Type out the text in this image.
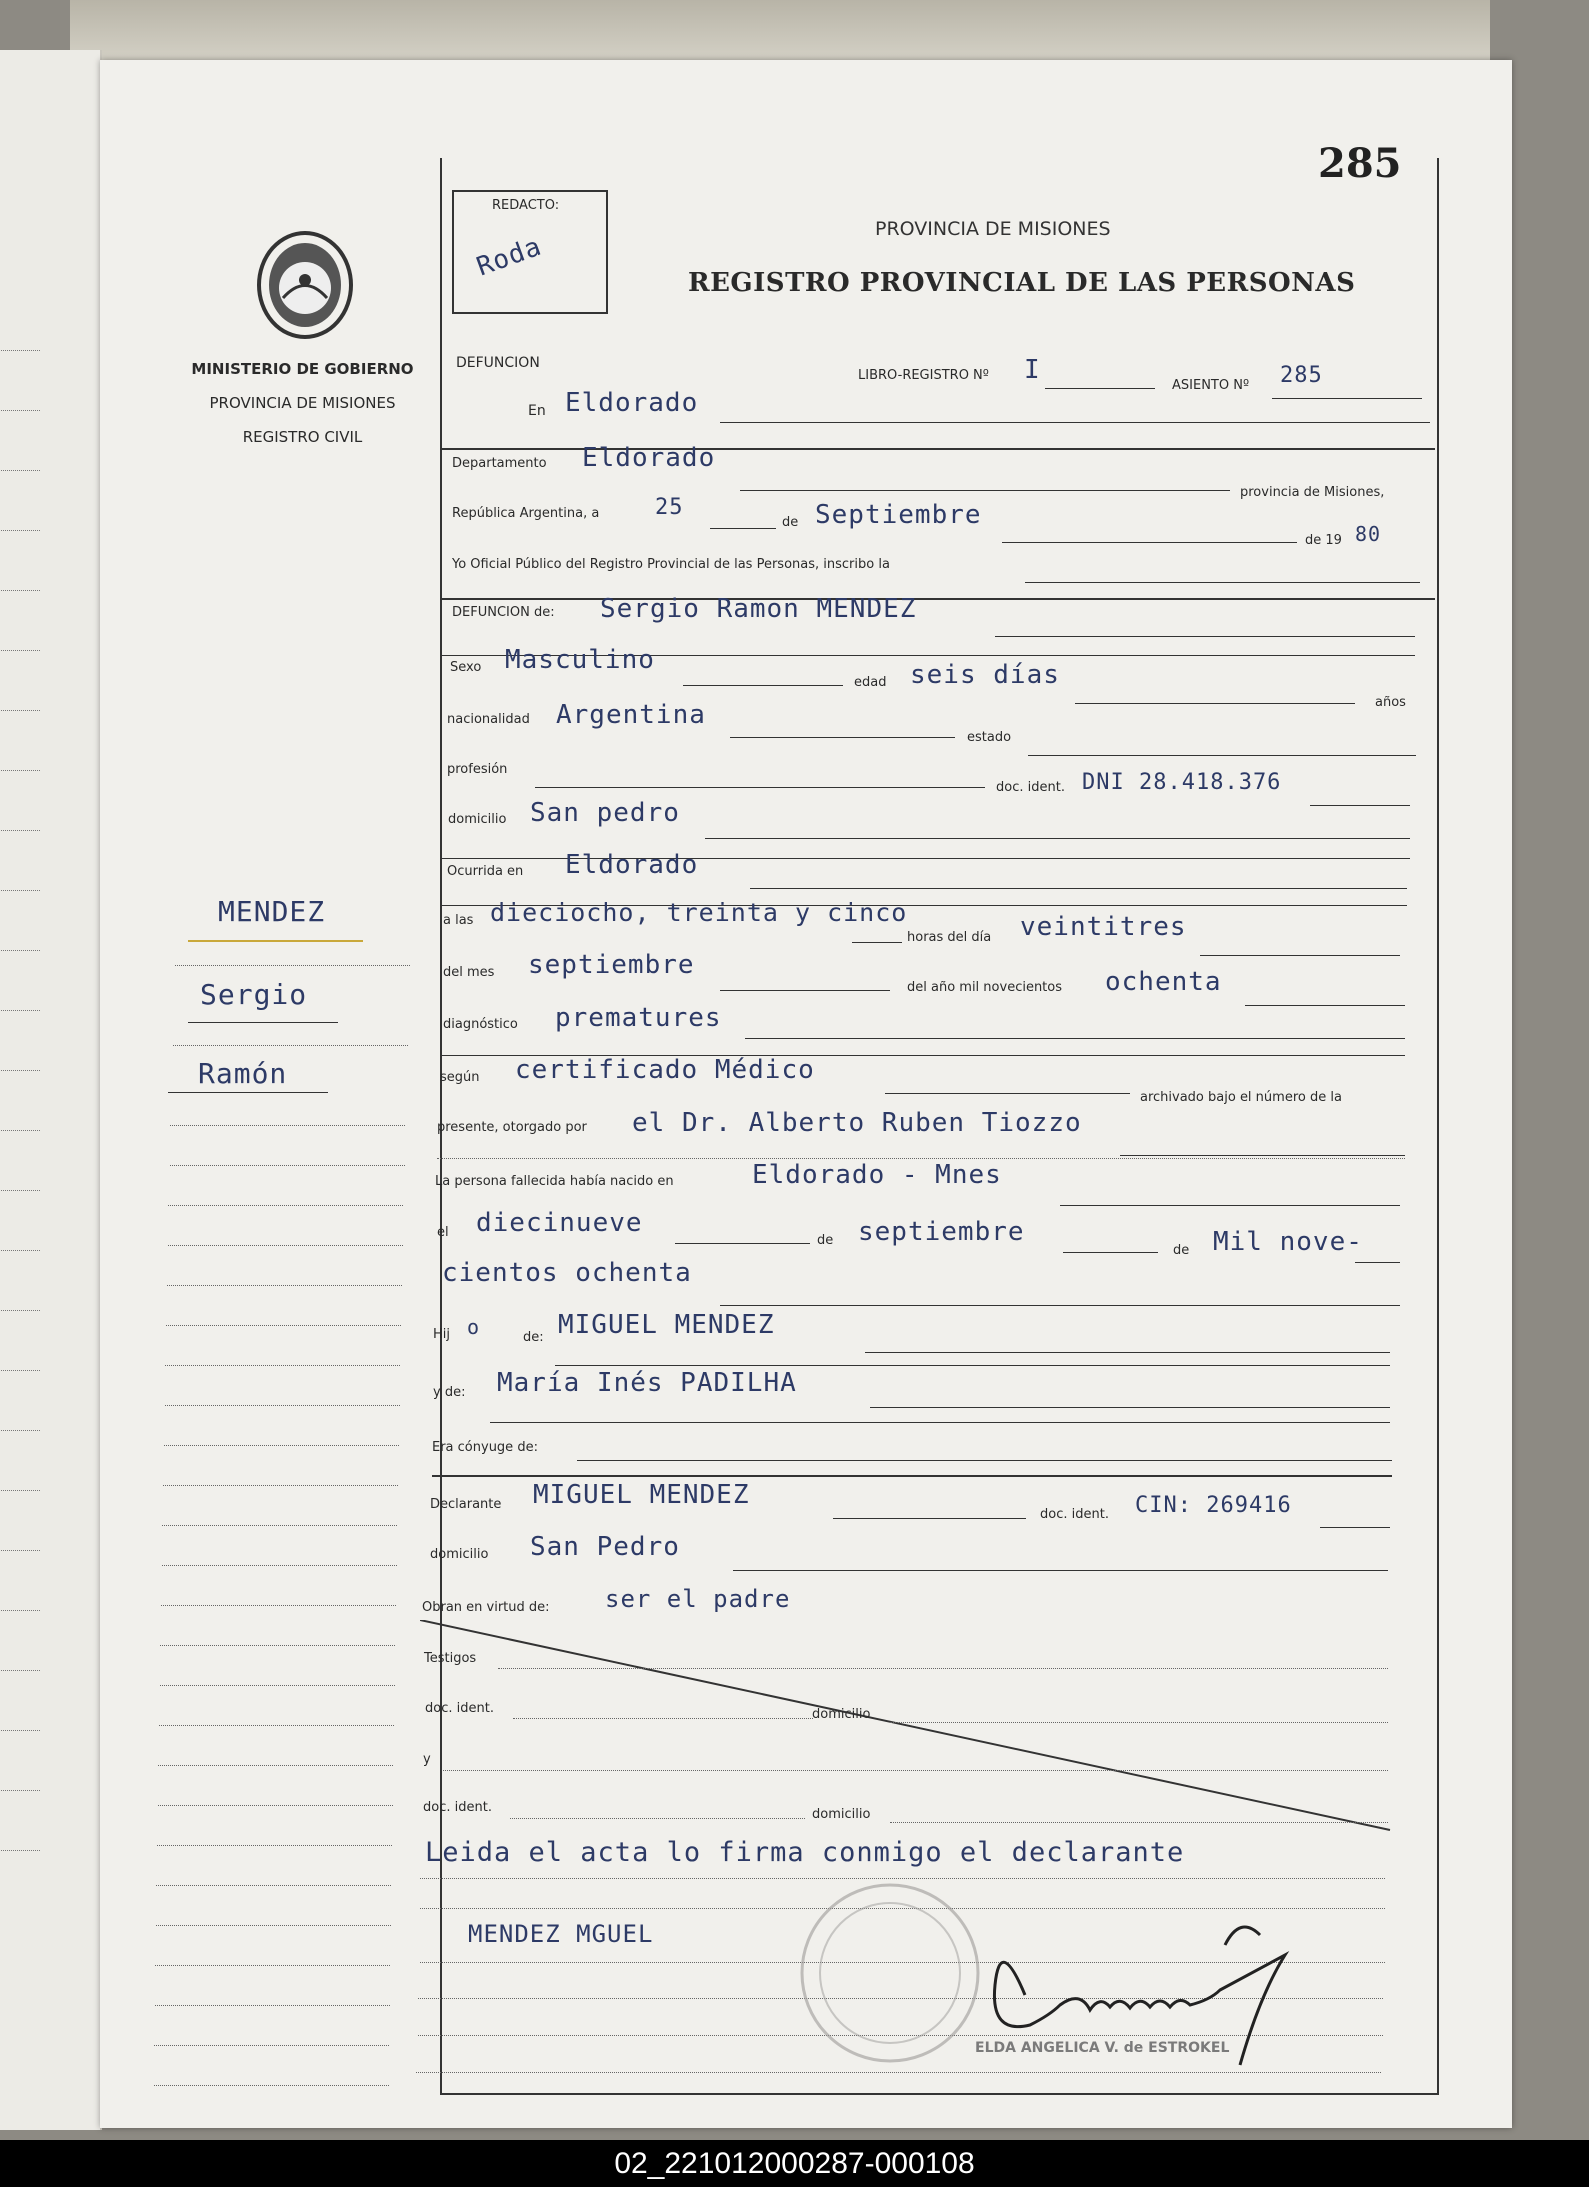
MINISTERIO DE GOBIERNO
PROVINCIA DE MISIONES
REGISTRO CIVIL
MENDEZ
Sergio
Ramón
285
REDACTO:
Roda
PROVINCIA DE MISIONES
REGISTRO PROVINCIAL DE LAS PERSONAS
DEFUNCION
LIBRO-REGISTRO Nº I
ASIENTO Nº 285
En Eldorado
Departamento Eldorado
provincia de Misiones,
República Argentina, a	25
de Septiembre
de 19 80
Yo Oficial Público del Registro Provincial de las Personas, inscribo la
DEFUNCION de: Sergio Ramon MENDEZ
Sexo Masculino
edad seis días
años
nacionalidad Argentina
estado
profesión
doc. ident. DNI 28.418.376
domicilio San pedro
Ocurrida en Eldorado
a las dieciocho, treinta y cinco
horas del día veintitres
del mes septiembre
del año mil novecientos ochenta
diagnóstico prematures
según certificado Médico
archivado bajo el número de la
presente, otorgado por el Dr. Alberto Ruben Tiozzo
La persona fallecida había nacido en	Eldorado - Mnes
el diecinueve
de septiembre
de Mil nove-
cientos ochenta
Hij o	de: MIGUEL MENDEZ
y de: María Inés PADILHA
Era cónyuge de:
Declarante MIGUEL MENDEZ
doc. ident. CIN: 269416
domicilio San Pedro
Obran en virtud de: ser el padre
Testigos
doc. ident.	domicilio
y
doc. ident.	domicilio
Leida el acta lo firma conmigo el declarante
MENDEZ MGUEL
ELDA ANGELICA V. de ESTROKEL
02_221012000287-000108
